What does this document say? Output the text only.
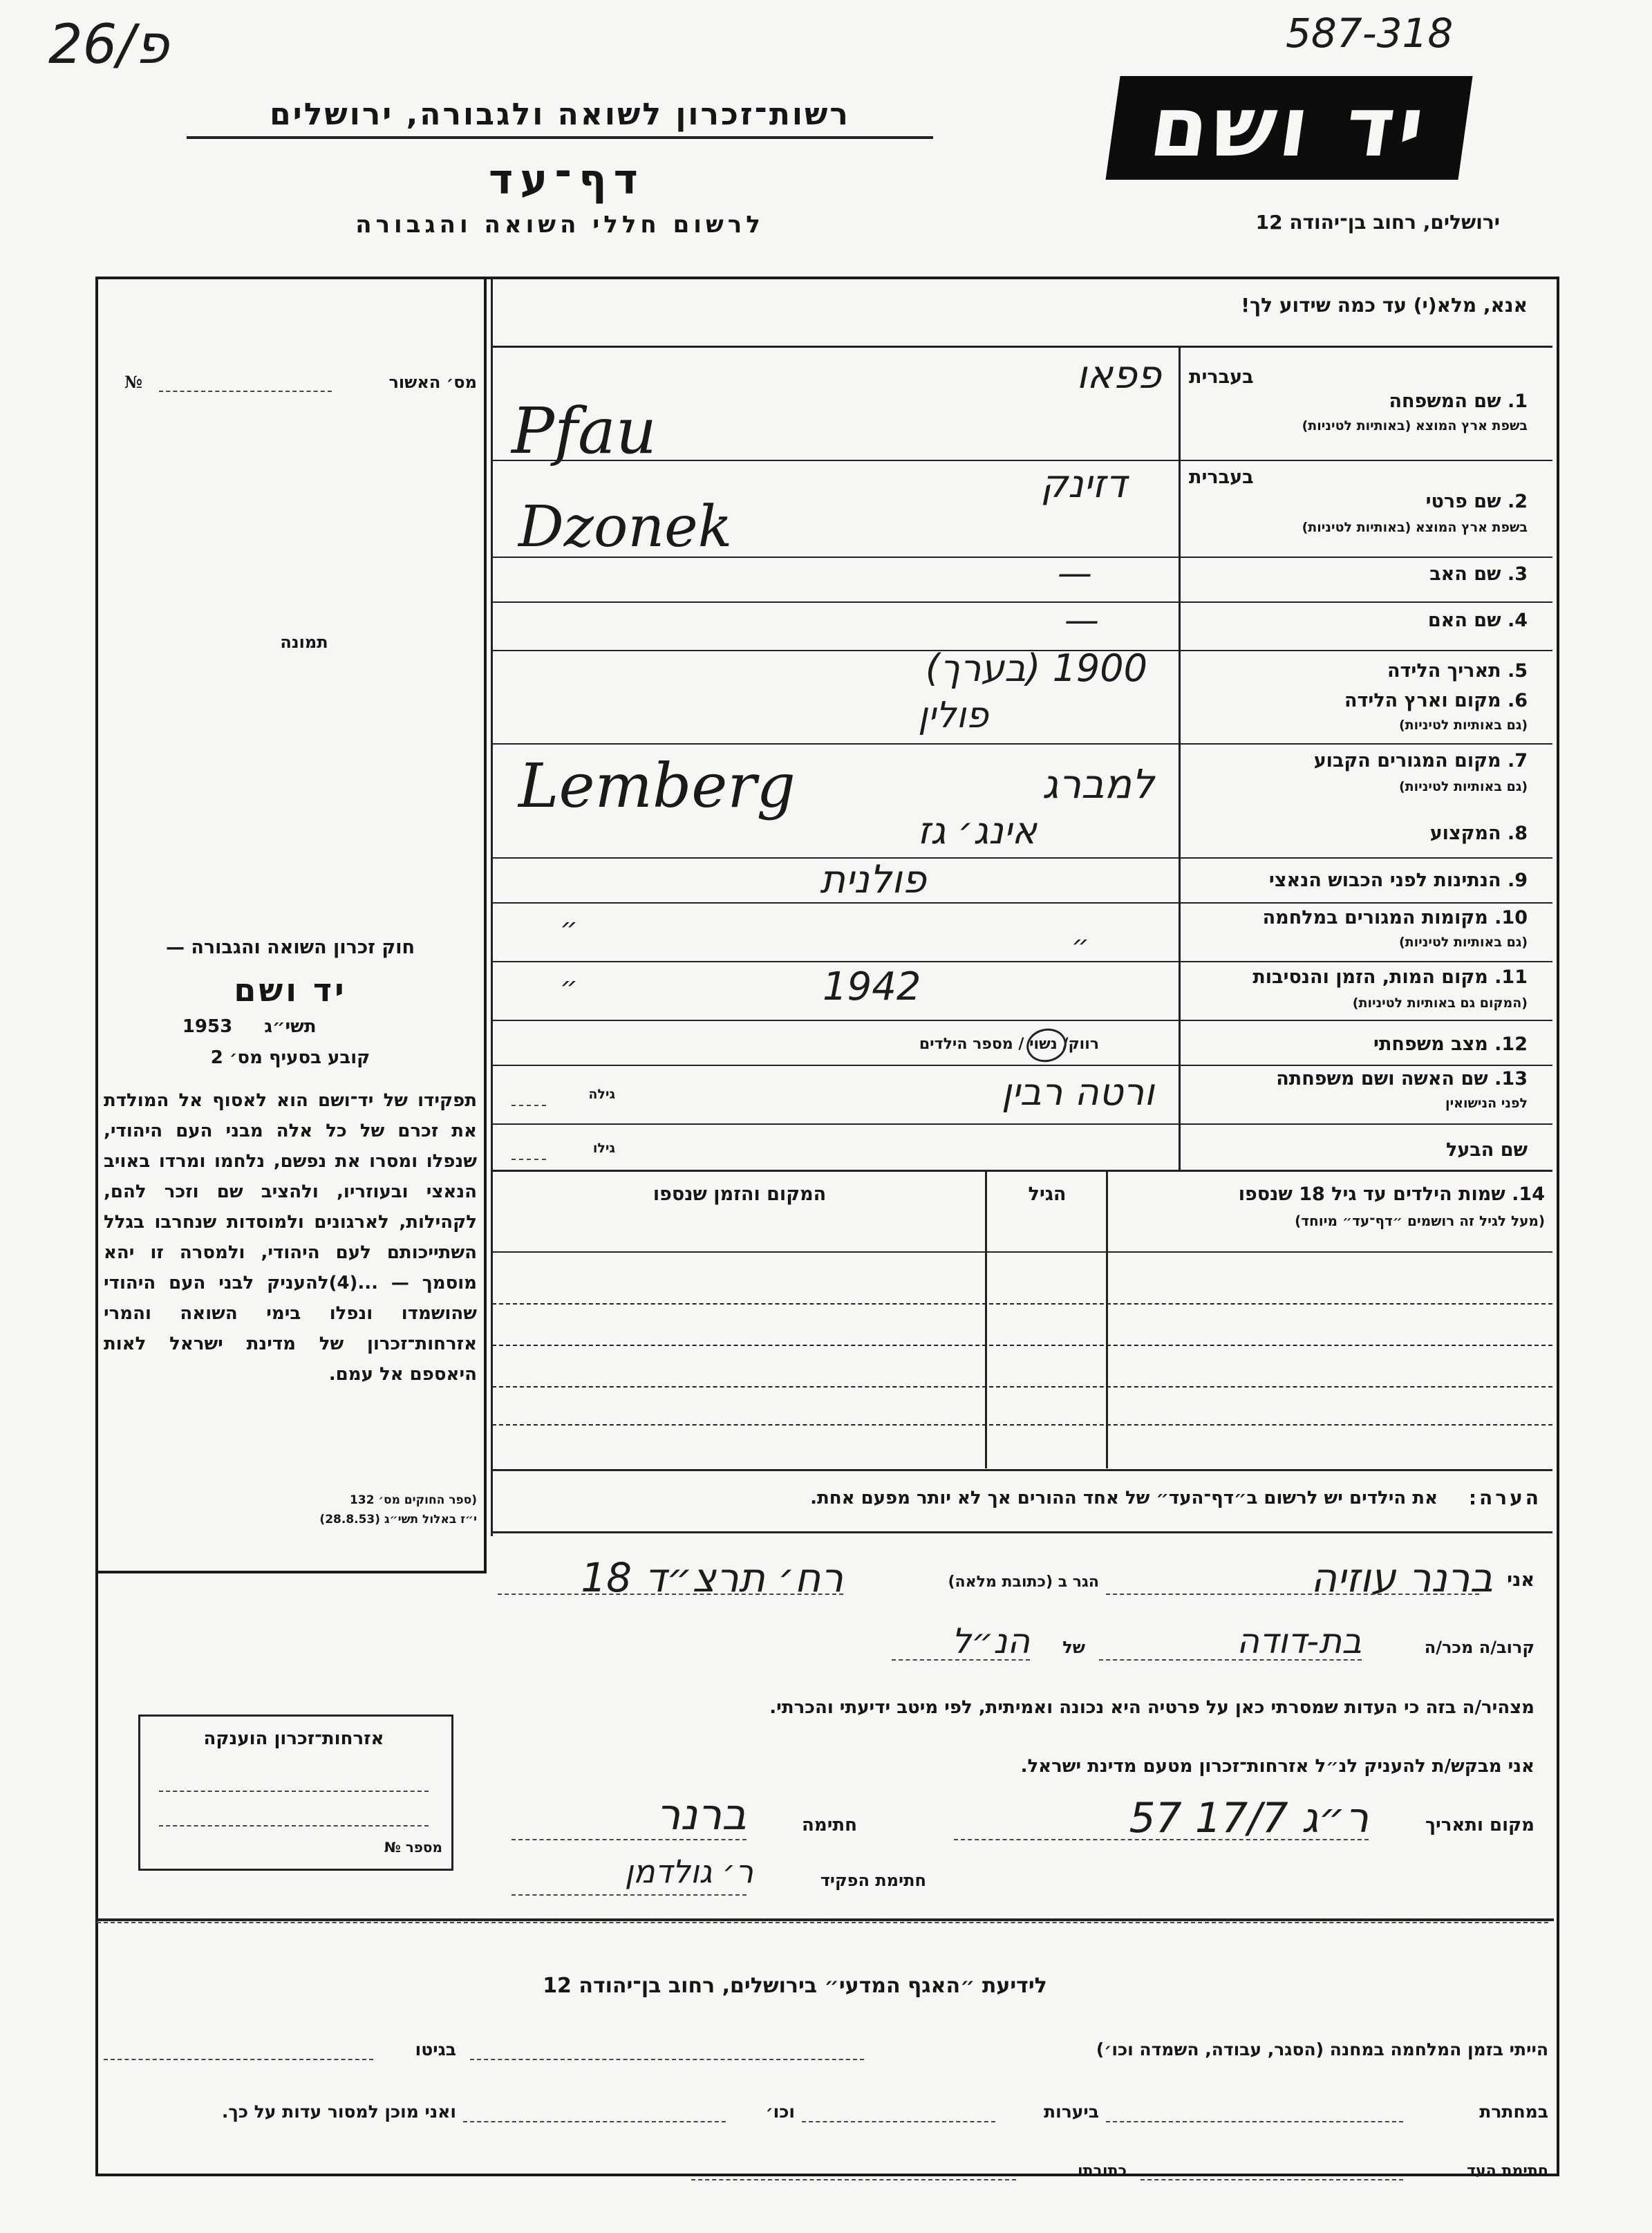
26/פ	587-318
רשות־זכרון לשואה ולגבורה, ירושלים
דף־עד
לרשום חללי השואה והגבורה
יד ושם
ירושלים, רחוב בן־יהודה 12
מס׳ האשור
№
תמונה
חוק זכרון השואה והגבורה —
יד ושם
תשי״ג
1953
קובע בסעיף מס׳ 2
תפקידו של יד־ושם הוא לאסוף אל המולדת את זכרם של כל אלה מבני העם היהודי, שנפלו ומסרו את נפשם, נלחמו ומרדו באויב הנאצי ובעוזריו, ולהציב שם וזכר להם, לקהילות, לארגונים ולמוסדות שנחרבו בגלל השתייכותם לעם היהודי, ולמסרה זו יהא מוסמך — ...(4)להעניק לבני העם היהודי שהושמדו ונפלו בימי השואה והמרי אזרחות־זכרון של מדינת ישראל לאות היאספם אל עמם.
(ספר החוקים מס׳ 132
י״ז באלול תשי״ג (28.8.53)
אזרחות־זכרון הוענקה
מספר №
אנא, מלא(י) עד כמה שידוע לך!
בעברית
1. שם המשפחה
בשפת ארץ המוצא (באותיות לטיניות)
פפאו
Pfau
בעברית
2. שם פרטי
בשפת ארץ המוצא (באותיות לטיניות)
דזינק
Dzonek
3. שם האב
—
4. שם האם
—
5. תאריך הלידה
1900 (בערך)
6. מקום וארץ הלידה
(גם באותיות לטיניות)
פולין
7. מקום המגורים הקבוע
(גם באותיות לטיניות)
למברג
Lemberg
8. המקצוע
אינג׳ גז
9. הנתינות לפני הכבוש הנאצי
פולנית
10. מקומות המגורים במלחמה
(גם באותיות לטיניות)
״
״
11. מקום המות, הזמן והנסיבות
(המקום גם באותיות לטיניות)
״	1942
12. מצב משפחתי
רווק/ נשוי / מספר הילדים
13. שם האשה ושם משפחתה
לפני הנישואין
ורטה רבין
גילה
שם הבעל
גילו
14. שמות הילדים עד גיל 18 שנספו
(מעל לגיל זה רושמים ״דף־עד״ מיוחד)
הגיל
המקום והזמן שנספו
הערה:
את הילדים יש לרשום ב״דף־העד״ של אחד ההורים אך לא יותר מפעם אחת.
אני
ברנר עוזיה
הגר ב (כתובת מלאה)
רח׳ תרצ״ד 18
קרוב/ה מכר/ה
בת-דודה
של
הנ״ל
מצהיר/ה בזה כי העדות שמסרתי כאן על פרטיה היא נכונה ואמיתית, לפי מיטב ידיעתי והכרתי.
אני מבקש/ת להעניק לנ״ל אזרחות־זכרון מטעם מדינת ישראל.
מקום ותאריך
ר״ג 17/7 57
חתימה
ברנר
חתימת הפקיד
ר׳ גולדמן
לידיעת ״האגף המדעי״ בירושלים, רחוב בן־יהודה 12
הייתי בזמן המלחמה במחנה (הסגר, עבודה, השמדה וכו׳)
בגיטו
במחתרת
ביערות
וכו׳
ואני מוכן למסור עדות על כך.
חתימת העד
כתובתו
